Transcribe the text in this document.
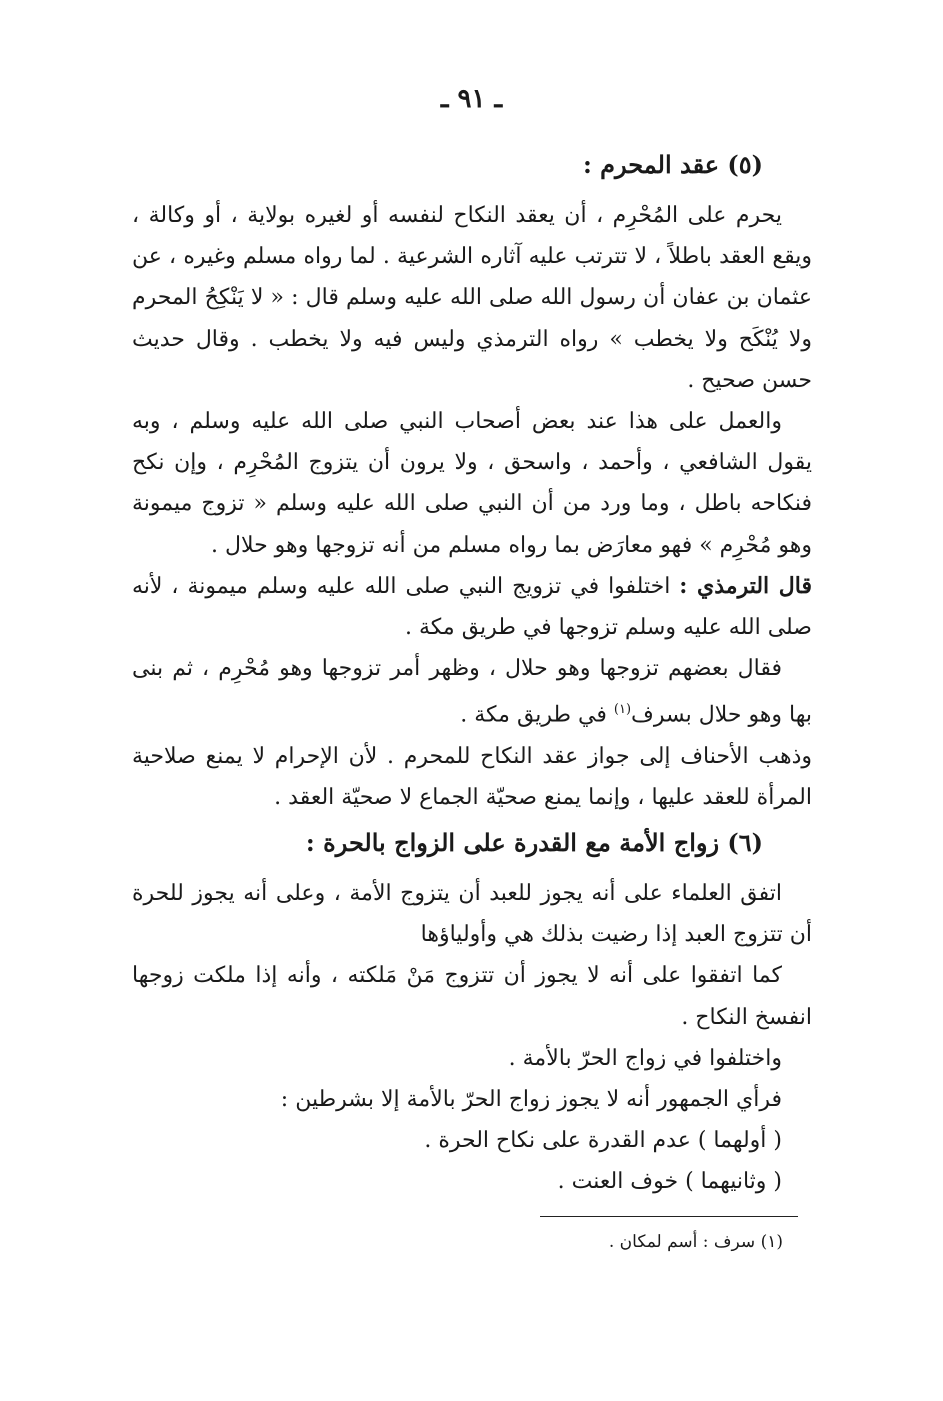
ـ ٩١ ـ
(٥) عقد المحرم :

يحرم على المُحْرِم ، أن يعقد النكاح لنفسه أو لغيره بولاية ، أو وكالة ، ويقع العقد باطلاً ، لا تترتب عليه آثاره الشرعية . لما رواه مسلم وغيره ، عن عثمان بن عفان أن رسول الله صلى الله عليه وسلم قال : « لا يَنْكِحُ المحرم ولا يُنْكَح ولا يخطب » رواه الترمذي وليس فيه ولا يخطب . وقال حديث حسن صحيح .

والعمل على هذا عند بعض أصحاب النبي صلى الله عليه وسلم ، وبه يقول الشافعي ، وأحمد ، واسحق ، ولا يرون أن يتزوج المُحْرِم ، وإن نكح فنكاحه باطل ، وما ورد من أن النبي صلى الله عليه وسلم « تزوج ميمونة وهو مُحْرِم » فهو معارَض بما رواه مسلم من أنه تزوجها وهو حلال .

قال الترمذي : اختلفوا في تزويج النبي صلى الله عليه وسلم ميمونة ، لأنه صلى الله عليه وسلم تزوجها في طريق مكة .

فقال بعضهم تزوجها وهو حلال ، وظهر أمر تزوجها وهو مُحْرِم ، ثم بنى بها وهو حلال بسرف$^{(١)}$ في طريق مكة .

وذهب الأحناف إلى جواز عقد النكاح للمحرم . لأن الإحرام لا يمنع صلاحية المرأة للعقد عليها ، وإنما يمنع صحيّة الجماع لا صحيّة العقد .

(٦) زواج الأمة مع القدرة على الزواج بالحرة :

اتفق العلماء على أنه يجوز للعبد أن يتزوج الأمة ، وعلى أنه يجوز للحرة أن تتزوج العبد إذا رضيت بذلك هي وأولياؤها

كما اتفقوا على أنه لا يجوز أن تتزوج مَنْ مَلكته ، وأنه إذا ملكت زوجها انفسخ النكاح .

واختلفوا في زواج الحرّ بالأمة .
فرأي الجمهور أنه لا يجوز زواج الحرّ بالأمة إلا بشرطين :
( أولهما ) عدم القدرة على نكاح الحرة .
( وثانيهما ) خوف العنت .
(١) سرف : أسم لمكان .
